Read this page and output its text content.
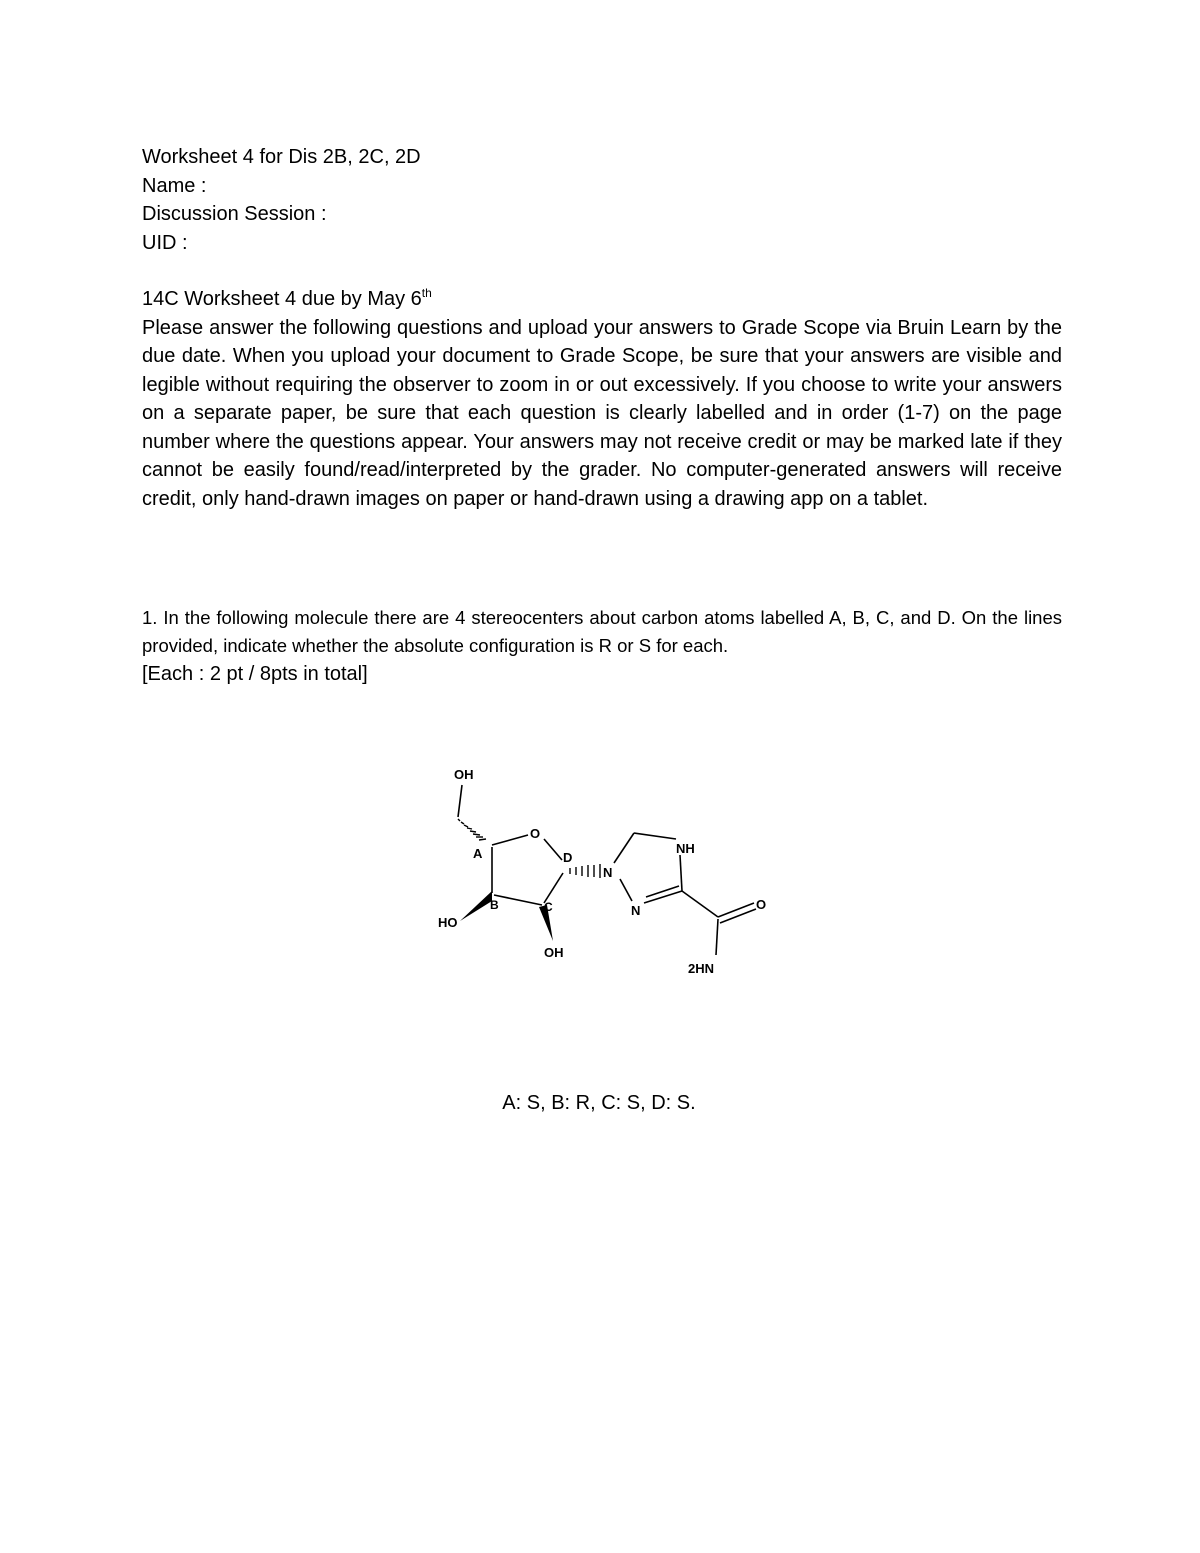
Worksheet 4 for Dis 2B, 2C, 2D
Name :
Discussion Session :
UID :
14C Worksheet 4 due by May 6th
Please answer the following questions and upload your answers to Grade Scope via Bruin Learn by the due date. When you upload your document to Grade Scope, be sure that your answers are visible and legible without requiring the observer to zoom in or out excessively. If you choose to write your answers on a separate paper, be sure that each question is clearly labelled and in order (1-7) on the page number where the questions appear. Your answers may not receive credit or may be marked late if they cannot be easily found/read/interpreted by the grader. No computer-generated answers will receive credit, only hand-drawn images on paper or hand-drawn using a drawing app on a tablet.
1. In the following molecule there are 4 stereocenters about carbon atoms labelled A, B, C, and D. On the lines provided, indicate whether the absolute configuration is R or S for each.
[Each : 2 pt / 8pts in total]
OH
O
A	D
N
NH
B	C	N	O
HO
OH
2HN
A: S, B: R, C: S, D: S.
